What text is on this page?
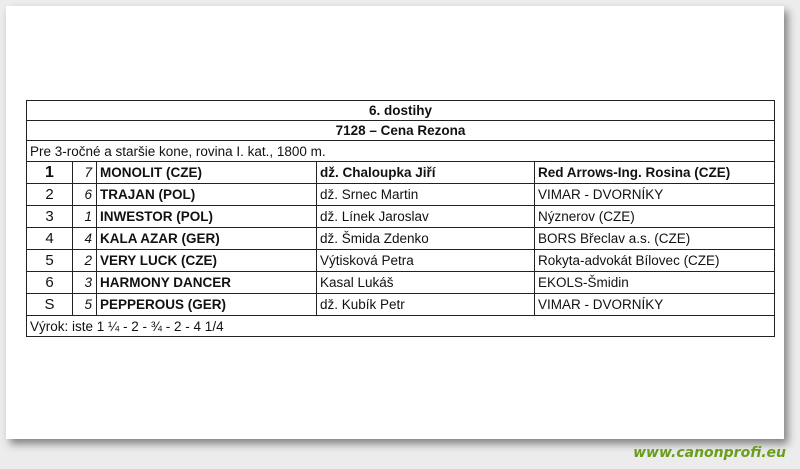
6. dostihy				
7128 – Cena Rezona				
Pre 3-ročné a staršie kone, rovina I. kat., 1800 m.				
1	7	MONOLIT (CZE)	dž. Chaloupka Jiří	Red Arrows-Ing. Rosina (CZE)
2	6	TRAJAN (POL)	dž. Srnec Martin	VIMAR - DVORNÍKY
3	1	INWESTOR (POL)	dž. Línek Jaroslav	Nýznerov (CZE)
4	4	KALA AZAR (GER)	dž. Šmida Zdenko	BORS Břeclav a.s. (CZE)
5	2	VERY LUCK (CZE)	Výtisková Petra	Rokyta-advokát Bílovec (CZE)
6	3	HARMONY DANCER	Kasal Lukáš	EKOLS-Šmidin
S	5	PEPPEROUS (GER)	dž. Kubík Petr	VIMAR - DVORNÍKY
Výrok: iste 1 ¼ - 2 - ¾ - 2 - 4 1/4				
www.canonprofi.eu
